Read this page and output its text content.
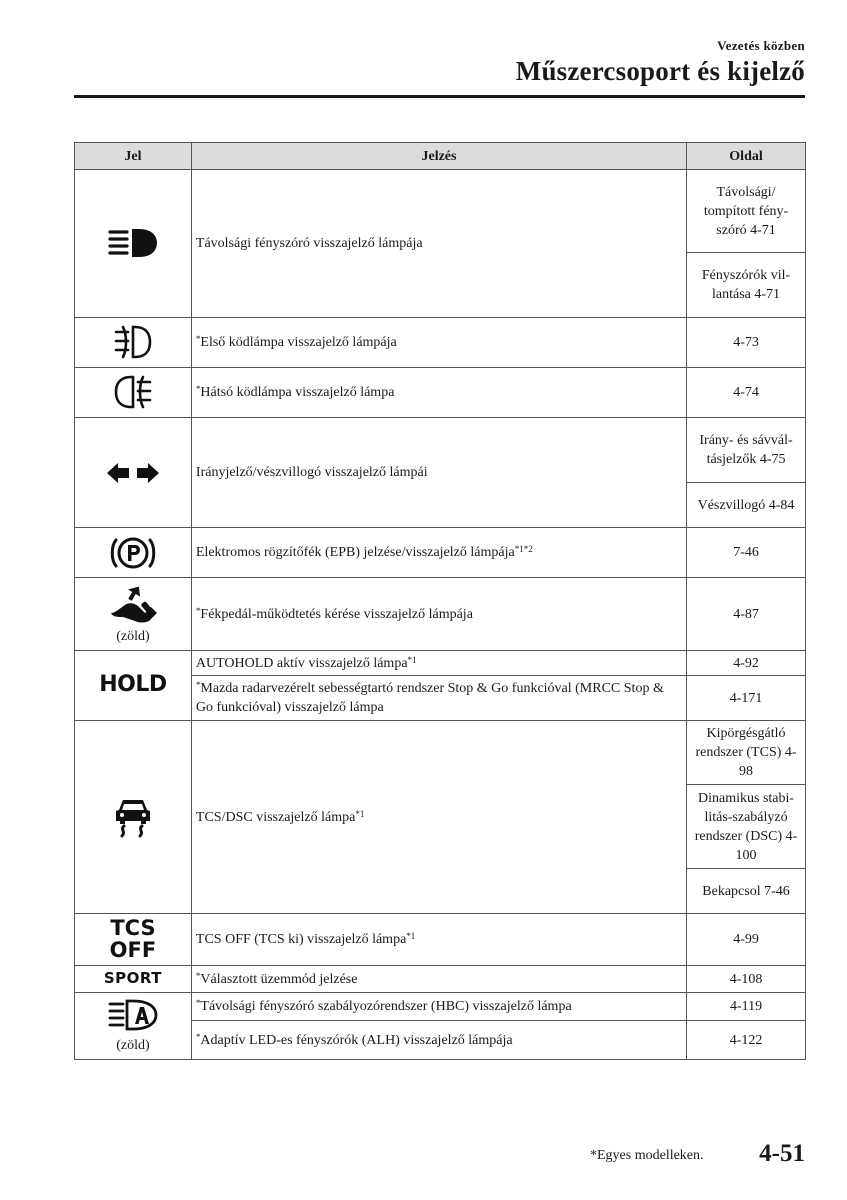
Vezetés közben
Műszercsoport és kijelző
Jel	Jelzés	Oldal

	Távolsági fényszóró visszajelző lámpája	Távolsági/ tompított fény-szóró 4-71
		Fényszórók vil-lantása 4-71

	*Első ködlámpa visszajelző lámpája	4-73

	*Hátsó ködlámpa visszajelző lámpa	4-74

	Irányjelző/vészvillogó visszajelző lámpái	Irány- és sávvál-tásjelzők 4-75
		Vészvillogó 4-84

	Elektromos rögzítőfék (EPB) jelzése/visszajelző lámpája$^{*1*2}$	7-46

(zöld)	*Fékpedál-működtetés kérése visszajelző lámpája	4-87
HOLD	AUTOHOLD aktív visszajelző lámpa$^{*1}$	4-92
	*Mazda radarvezérelt sebességtartó rendszer Stop & Go funkcióval (MRCC Stop & Go funkcióval) visszajelző lámpa	4-171

	TCS/DSC visszajelző lámpa$^{*1}$	Kipörgésgátló rendszer (TCS) 4-98
		Dinamikus stabi-litás-szabályzó rendszer (DSC) 4-100
		Bekapcsol 7-46

TCS
OFF	TCS OFF (TCS ki) visszajelző lámpa$^{*1}$	4-99
SPORT	*Választott üzemmód jelzése	4-108

(zöld)	*Távolsági fényszóró szabályozórendszer (HBC) visszajelző lámpa	4-119
	*Adaptív LED-es fényszórók (ALH) visszajelző lámpája	4-122
*Egyes modelleken. 4-51
